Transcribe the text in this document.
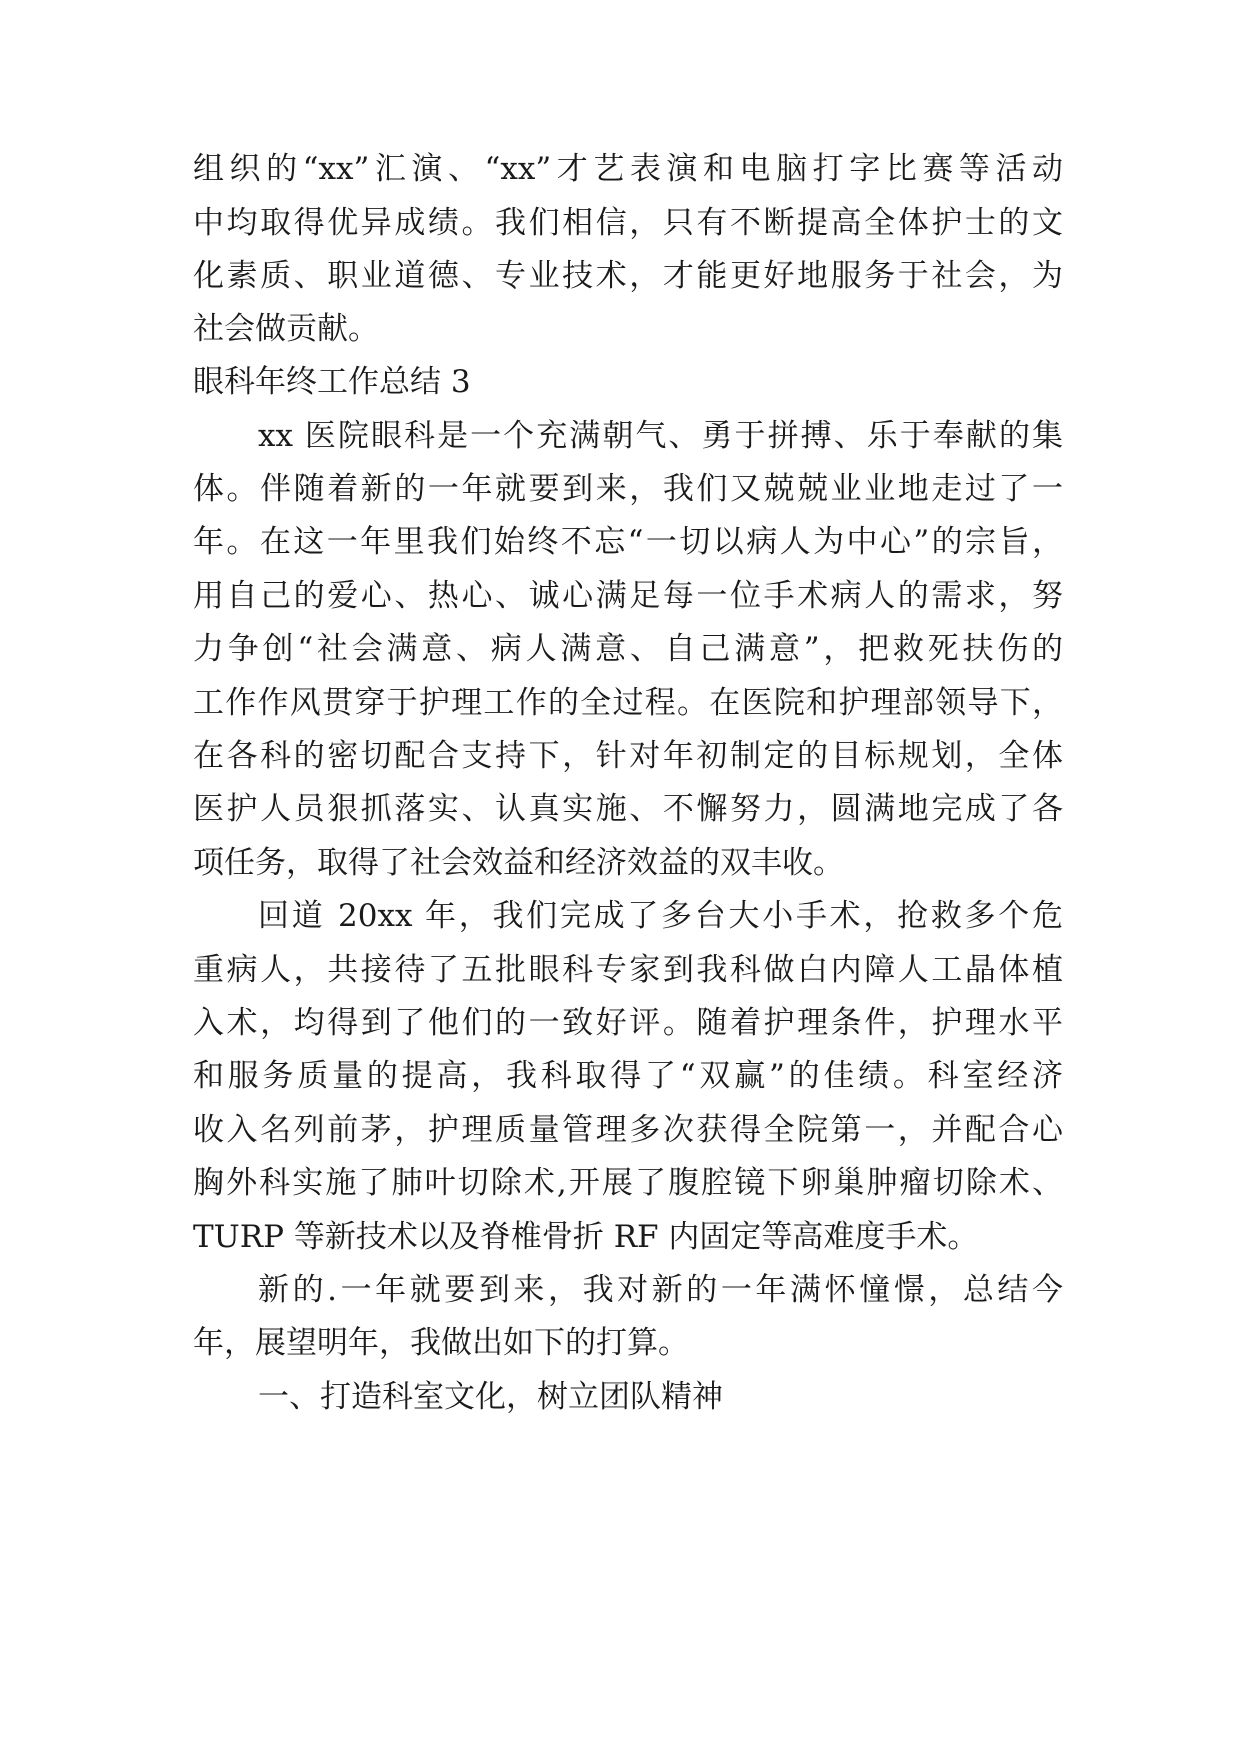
组织的“xx”汇演、“xx”才艺表演和电脑打字比赛等活动
中均取得优异成绩。我们相信，只有不断提高全体护士的文
化素质、职业道德、专业技术，才能更好地服务于社会，为
社会做贡献。
眼科年终工作总结 3
xx 医院眼科是一个充满朝气、勇于拼搏、乐于奉献的集
体。伴随着新的一年就要到来，我们又兢兢业业地走过了一
年。在这一年里我们始终不忘“一切以病人为中心”的宗旨，
用自己的爱心、热心、诚心满足每一位手术病人的需求，努
力争创“社会满意、病人满意、自己满意”，把救死扶伤的
工作作风贯穿于护理工作的全过程。在医院和护理部领导下，
在各科的密切配合支持下，针对年初制定的目标规划，全体
医护人员狠抓落实、认真实施、不懈努力，圆满地完成了各
项任务，取得了社会效益和经济效益的双丰收。
回道 20xx 年，我们完成了多台大小手术，抢救多个危
重病人，共接待了五批眼科专家到我科做白内障人工晶体植
入术，均得到了他们的一致好评。随着护理条件，护理水平
和服务质量的提高，我科取得了“双赢”的佳绩。科室经济
收入名列前茅，护理质量管理多次获得全院第一，并配合心
胸外科实施了肺叶切除术,开展了腹腔镜下卵巢肿瘤切除术、
TURP 等新技术以及脊椎骨折 RF 内固定等高难度手术。
新的.一年就要到来，我对新的一年满怀憧憬，总结今
年，展望明年，我做出如下的打算。
一、打造科室文化，树立团队精神
